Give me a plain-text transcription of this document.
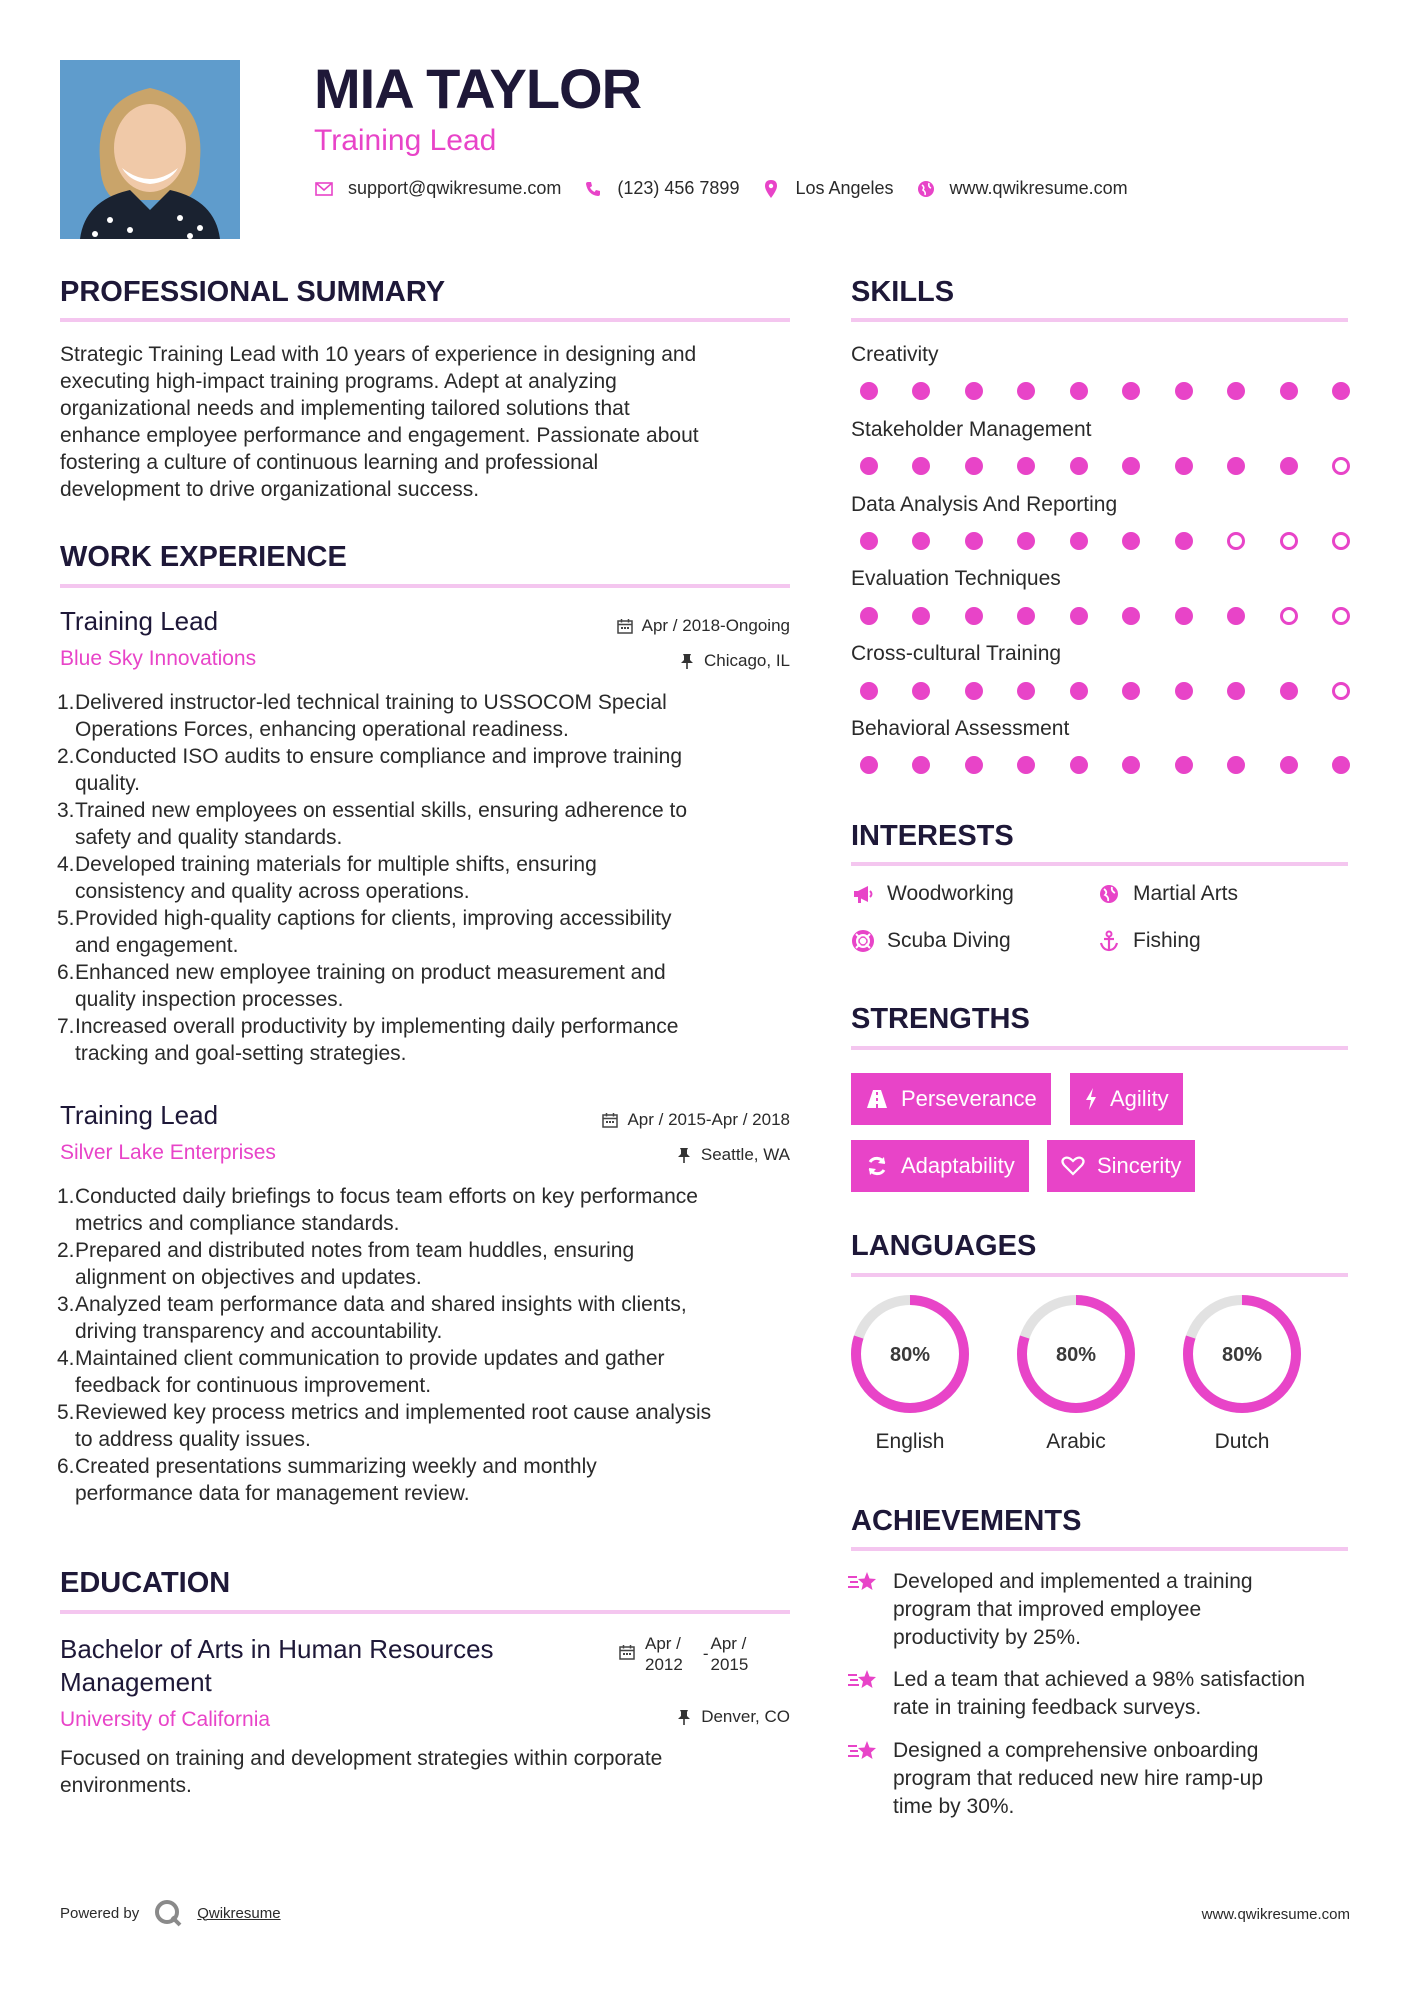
MIA TAYLOR
Training Lead
support@qwikresume.com	(123) 456 7899	Los Angeles	www.qwikresume.com
PROFESSIONAL SUMMARY
Strategic Training Lead with 10 years of experience in designing and
executing high-impact training programs. Adept at analyzing
organizational needs and implementing tailored solutions that
enhance employee performance and engagement. Passionate about
fostering a culture of continuous learning and professional
development to drive organizational success.
WORK EXPERIENCE
Training Lead
Blue Sky Innovations
Apr / 2018-Ongoing
Chicago, IL
1. Delivered instructor-led technical training to USSOCOM Special
Operations Forces, enhancing operational readiness.
2. Conducted ISO audits to ensure compliance and improve training
quality.
3. Trained new employees on essential skills, ensuring adherence to
safety and quality standards.
4. Developed training materials for multiple shifts, ensuring
consistency and quality across operations.
5. Provided high-quality captions for clients, improving accessibility
and engagement.
6. Enhanced new employee training on product measurement and
quality inspection processes.
7. Increased overall productivity by implementing daily performance
tracking and goal-setting strategies.
Training Lead
Silver Lake Enterprises
Apr / 2015-Apr / 2018
Seattle, WA
1. Conducted daily briefings to focus team efforts on key performance
metrics and compliance standards.
2. Prepared and distributed notes from team huddles, ensuring
alignment on objectives and updates.
3. Analyzed team performance data and shared insights with clients,
driving transparency and accountability.
4. Maintained client communication to provide updates and gather
feedback for continuous improvement.
5. Reviewed key process metrics and implemented root cause analysis
to address quality issues.
6. Created presentations summarizing weekly and monthly
performance data for management review.
EDUCATION
Bachelor of Arts in Human Resources
Management
University of California
Apr /
2012
-
Apr /
2015
Denver, CO
Focused on training and development strategies within corporate
environments.
SKILLS
Creativity
Stakeholder Management
Data Analysis And Reporting
Evaluation Techniques
Cross-cultural Training
Behavioral Assessment
INTERESTS
Woodworking	Martial Arts
Scuba Diving	Fishing
STRENGTHS
Perseverance	Agility
Adaptability	Sincerity
LANGUAGES
80%
English
80%
Arabic
80%
Dutch
ACHIEVEMENTS
Developed and implemented a training
program that improved employee
productivity by 25%.
Led a team that achieved a 98% satisfaction
rate in training feedback surveys.
Designed a comprehensive onboarding
program that reduced new hire ramp-up
time by 30%.
Powered by	Qwikresume	www.qwikresume.com
